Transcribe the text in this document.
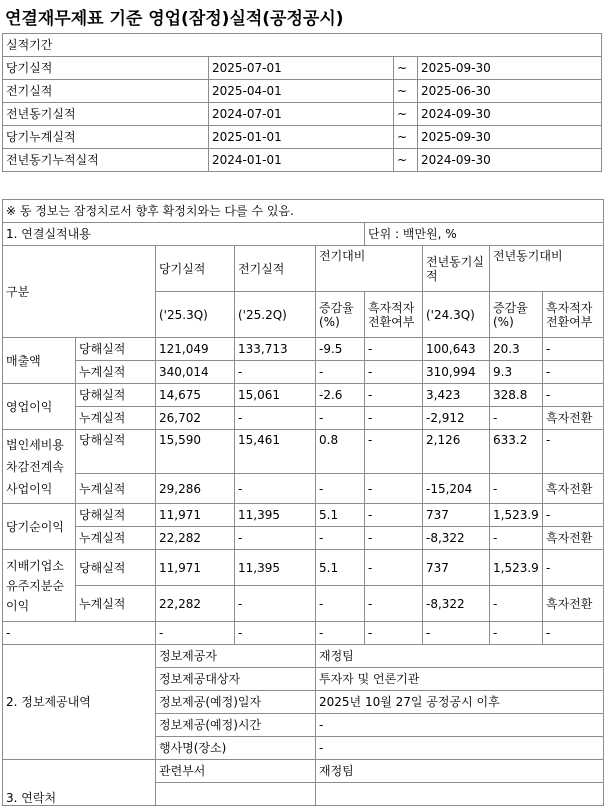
연결재무제표 기준 영업(잠정)실적(공정공시)
실적기간			
당기실적	2025-07-01	~	2025-09-30
전기실적	2025-04-01	~	2025-06-30
전년동기실적	2024-07-01	~	2024-09-30
당기누계실적	2025-01-01	~	2025-09-30
전년동기누적실적	2024-01-01	~	2024-09-30
※ 동 정보는 잠정치로서 향후 확정치와는 다를 수 있음.								
1. 연결실적내용					단위 : 백만원, %			
구분		당기실적	전기실적	전기대비		전년동기실적	전년동기대비	
		('25.3Q)	('25.2Q)	증감율(%)	흑자적자전환여부	('24.3Q)	증감율(%)	흑자적자전환여부
매출액	당해실적	121,049	133,713	-9.5	-	100,643	20.3	-
	누계실적	340,014	-	-	-	310,994	9.3	-
영업이익	당해실적	14,675	15,061	-2.6	-	3,423	328.8	-
	누계실적	26,702	-	-	-	-2,912	-	흑자전환
법인세비용차감전계속사업이익	당해실적	15,590	15,461	0.8	-	2,126	633.2	-
	누계실적	29,286	-	-	-	-15,204	-	흑자전환
당기순이익	당해실적	11,971	11,395	5.1	-	737	1,523.9	-
	누계실적	22,282	-	-	-	-8,322	-	흑자전환
지배기업소유주지분순이익	당해실적	11,971	11,395	5.1	-	737	1,523.9	-
	누계실적	22,282	-	-	-	-8,322	-	흑자전환
-		-	-	-	-	-	-	-
2. 정보제공내역		정보제공자		재정팀				
		정보제공대상자		투자자 및 언론기관				
		정보제공(예정)일자		2025년 10월 27일 공정공시 이후				
		정보제공(예정)시간		-				
		행사명(장소)		-				
3. 연락처		관련부서		재정팀				
